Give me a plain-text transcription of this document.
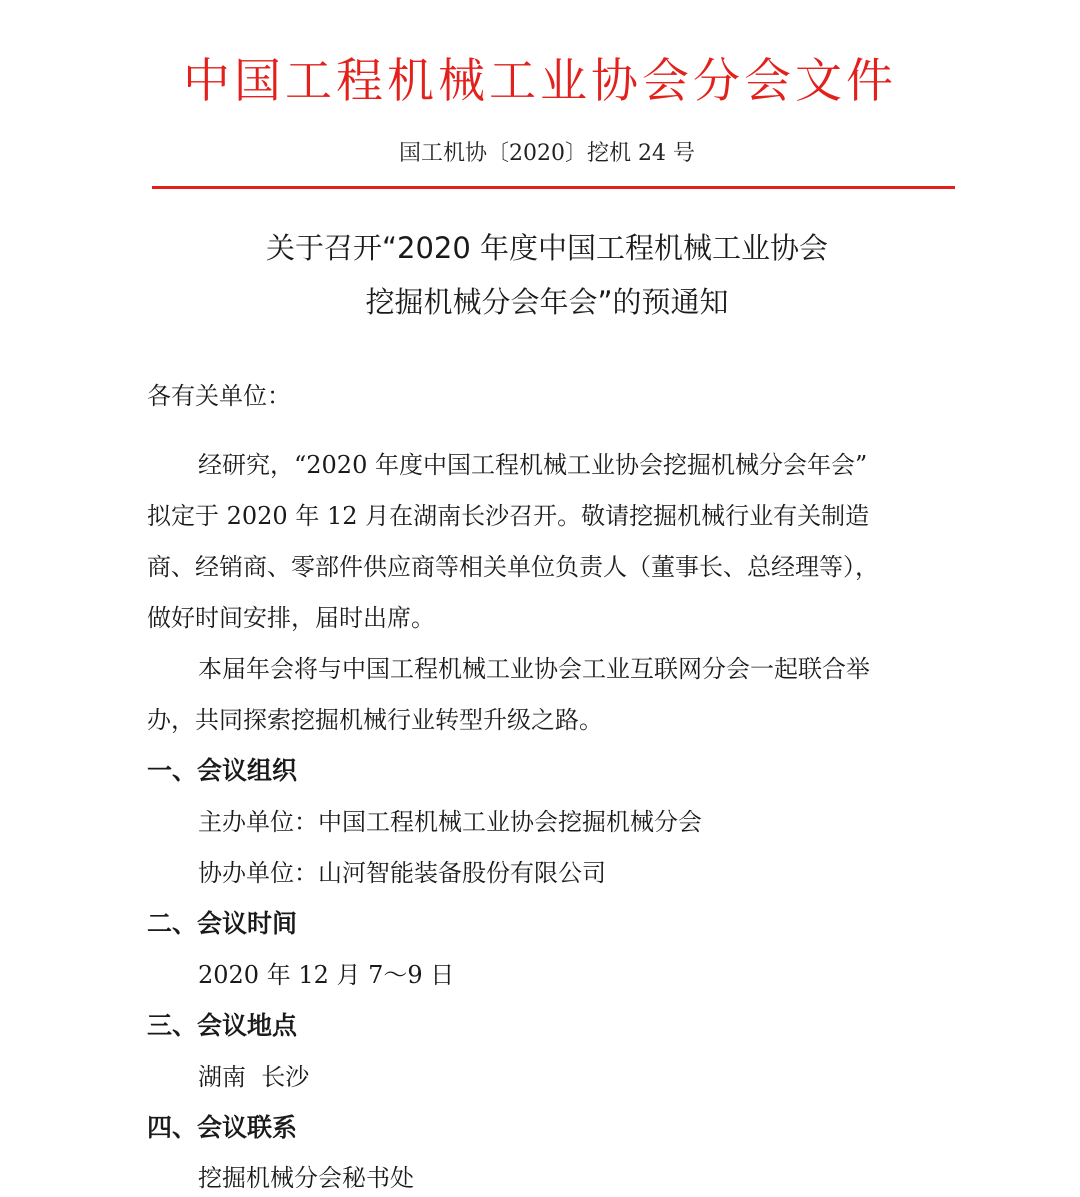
中国工程机械工业协会分会文件
国工机协〔2020〕挖机 24 号
关于召开“2020 年度中国工程机械工业协会
挖掘机械分会年会”的预通知
各有关单位：
经研究，“2020 年度中国工程机械工业协会挖掘机械分会年会”
拟定于 2020 年 12 月在湖南长沙召开。敬请挖掘机械行业有关制造
商、经销商、零部件供应商等相关单位负责人（董事长、总经理等），
做好时间安排，届时出席。
本届年会将与中国工程机械工业协会工业互联网分会一起联合举
办，共同探索挖掘机械行业转型升级之路。
一、会议组织
主办单位：中国工程机械工业协会挖掘机械分会
协办单位：山河智能装备股份有限公司
二、会议时间
2020 年 12 月 7～9 日
三、会议地点
湖南  长沙
四、会议联系
挖掘机械分会秘书处
